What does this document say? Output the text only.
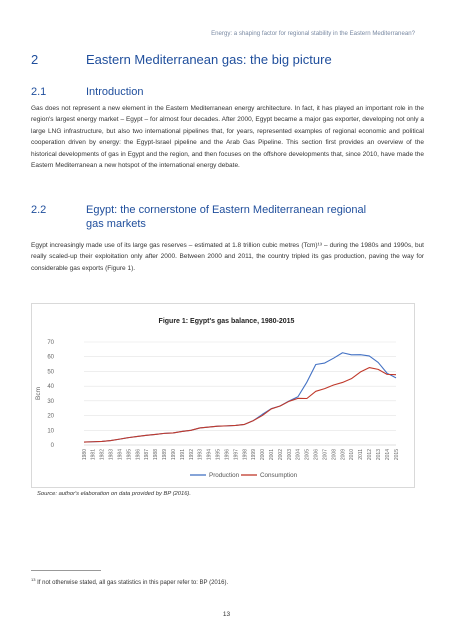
Energy: a shaping factor for regional stability in the Eastern Mediterranean?
2	Eastern Mediterranean gas: the big picture
2.1	Introduction
Gas does not represent a new element in the Eastern Mediterranean energy architecture. In fact, it has played an important role in the region's largest energy market – Egypt – for almost four decades. After 2000, Egypt became a major gas exporter, developing not only a large LNG infrastructure, but also two international pipelines that, for years, represented examples of regional economic and political cooperation driven by energy: the Egypt-Israel pipeline and the Arab Gas Pipeline. This section first provides an overview of the historical developments of gas in Egypt and the region, and then focuses on the offshore developments that, since 2010, have made the Eastern Mediterranean a new hotspot of the international energy debate.
2.2	Egypt: the cornerstone of Eastern Mediterranean regional gas markets
Egypt increasingly made use of its large gas reserves – estimated at 1.8 trillion cubic metres (Tcm)¹³ – during the 1980s and 1990s, but really scaled-up their exploitation only after 2000. Between 2000 and 2011, the country tripled its gas production, paving the way for considerable gas exports (Figure 1).
Figure 1: Egypt's gas balance, 1980-2015
0
10
20
30
40
50
60
70
Bcm
1980 1981 1982 1983 1984 1985 1986 1987 1988 1989 1990 1991 1992 1993 1994 1995 1996 1997 1998 1999 2000 2001 2002 2003 2004 2005 2006 2007 2008 2009 2010 2011 2012 2013 2014 2015
Production	Consumption
Source: author's elaboration on data provided by BP (2016).
$^{13}$ If not otherwise stated, all gas statistics in this paper refer to: BP (2016).
13
